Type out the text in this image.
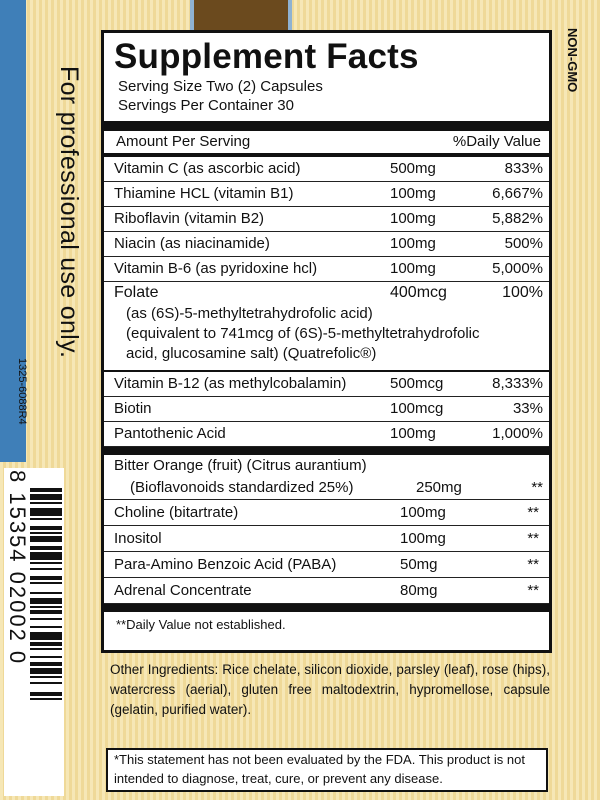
For professional use only.
1325-6088R4
NON-GMO
8 15354 02002 0
Supplement Facts
Serving Size Two (2) Capsules
Servings Per Container 30
Amount Per Serving	%Daily Value
Vitamin C (as ascorbic acid)	500mg	833%
Thiamine HCL (vitamin B1)	100mg	6,667%
Riboflavin (vitamin B2)	100mg	5,882%
Niacin (as niacinamide)	100mg	500%
Vitamin B-6 (as pyridoxine hcl)	100mg	5,000%
Folate	400mcg	100%
(as (6S)-5-methyltetrahydrofolic acid)
(equivalent to 741mcg of (6S)-5-methyltetrahydrofolic
acid, glucosamine salt) (Quatrefolic®)
Vitamin B-12 (as methylcobalamin)	500mcg	8,333%
Biotin	100mcg	33%
Pantothenic Acid	100mg	1,000%
Bitter Orange (fruit) (Citrus aurantium)
(Bioflavonoids standardized 25%)	250mg	**
Choline (bitartrate)	100mg	**
Inositol	100mg	**
Para-Amino Benzoic Acid (PABA)	50mg	**
Adrenal Concentrate	80mg	**
**Daily Value not established.
Other Ingredients: Rice chelate, silicon dioxide, parsley (leaf), rose (hips), watercress (aerial), gluten free maltodextrin, hypromellose, capsule (gelatin, purified water).
*This statement has not been evaluated by the FDA. This product is not intended to diagnose, treat, cure, or prevent any disease.
